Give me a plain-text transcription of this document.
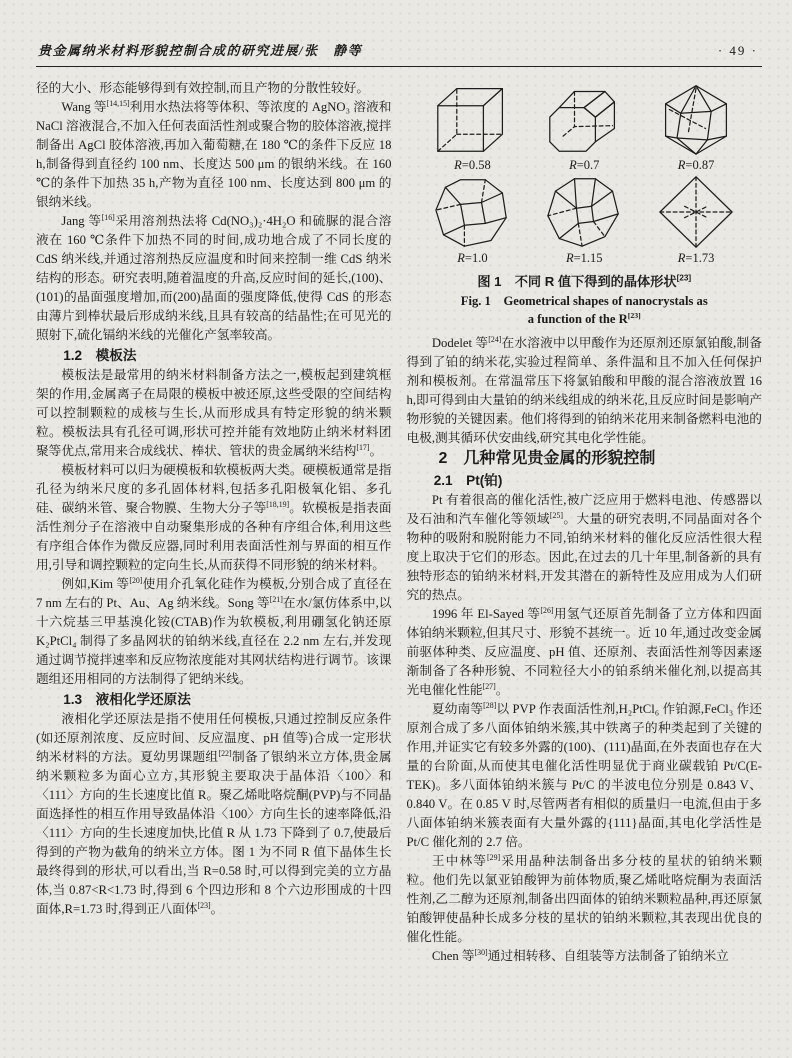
贵金属纳米材料形貌控制合成的研究进展/张　静等	· 49 ·

径的大小、形态能够得到有效控制,而且产物的分散性较好。

Wang 等[14,15]利用水热法将等体积、等浓度的 AgNO₃ 溶液和 NaCl 溶液混合,不加入任何表面活性剂或聚合物的胶体溶液,搅拌制备出 AgCl 胶体溶液,再加入葡萄糖,在 180 ℃的条件下反应 18 h,制备得到直径约 100 nm、长度达 500 μm 的银纳米线。在 160 ℃的条件下加热 35 h,产物为直径 100 nm、长度达到 800 μm 的银纳米线。

Jang 等[16]采用溶剂热法将 Cd(NO₃)₂·4H₂O 和硫脲的混合溶液在 160 ℃条件下加热不同的时间,成功地合成了不同长度的 CdS 纳米线,并通过溶剂热反应温度和时间来控制一维 CdS 纳米结构的形态。研究表明,随着温度的升高,反应时间的延长,(100)、(101)的晶面强度增加,而(200)晶面的强度降低,使得 CdS 的形态由薄片到棒状最后形成纳米线,且具有较高的结晶性;在可见光的照射下,硫化镉纳米线的光催化产氢率较高。

1.2　模板法

模板法是最常用的纳米材料制备方法之一,模板起到建筑框架的作用,金属离子在局限的模板中被还原,这些受限的空间结构可以控制颗粒的成核与生长,从而形成具有特定形貌的纳米颗粒。模板法具有孔径可调,形状可控并能有效地防止纳米材料团聚等优点,常用来合成线状、棒状、管状的贵金属纳米结构[17]。

模板材料可以归为硬模板和软模板两大类。硬模板通常是指孔径为纳米尺度的多孔固体材料,包括多孔阳极氧化铝、多孔硅、碳纳米管、聚合物膜、生物大分子等[18,19]。软模板是指表面活性剂分子在溶液中自动聚集形成的各种有序组合体,利用这些有序组合体作为微反应器,同时利用表面活性剂与界面的相互作用,引导和调控颗粒的定向生长,从而获得不同形貌的纳米材料。

例如,Kim 等[20]使用介孔氧化硅作为模板,分别合成了直径在 7 nm 左右的 Pt、Au、Ag 纳米线。Song 等[21]在水/氯仿体系中,以十六烷基三甲基溴化铵(CTAB)作为软模板,利用硼氢化钠还原 K₂PtCl₄ 制得了多晶网状的铂纳米线,直径在 2.2 nm 左右,并发现通过调节搅拌速率和反应物浓度能对其网状结构进行调节。该课题组还用相同的方法制得了钯纳米线。

1.3　液相化学还原法

液相化学还原法是指不使用任何模板,只通过控制反应条件(如还原剂浓度、反应时间、反应温度、pH 值等)合成一定形状纳米材料的方法。夏幼男课题组[22]制备了银纳米立方体,贵金属纳米颗粒多为面心立方,其形貌主要取决于晶体沿〈100〉和〈111〉方向的生长速度比值 R。聚乙烯吡咯烷酮(PVP)与不同晶面选择性的相互作用导致晶体沿〈100〉方向生长的速率降低,沿〈111〉方向的生长速度加快,比值 R 从 1.73 下降到了 0.7,使最后得到的产物为截角的纳米立方体。图 1 为不同 R 值下晶体生长最终得到的形状,可以看出,当 R=0.58 时,可以得到完美的立方晶体,当 0.87<R<1.73 时,得到 6 个四边形和 8 个六边形围成的十四面体,R=1.73 时,得到正八面体[23]。

R=0.58	R=0.7	R=0.87
R=1.0	R=1.15	R=1.73
图 1　不同 R 值下得到的晶体形状[23]
Fig. 1　Geometrical shapes of nanocrystals as
a function of the R[23]

Dodelet 等[24]在水溶液中以甲酸作为还原剂还原氯铂酸,制备得到了铂的纳米花,实验过程简单、条件温和且不加入任何保护剂和模板剂。在常温常压下将氯铂酸和甲酸的混合溶液放置 16 h,即可得到由大量铂的纳米线组成的纳米花,且反应时间是影响产物形貌的关键因素。他们将得到的铂纳米花用来制备燃料电池的电极,测其循环伏安曲线,研究其电化学性能。

2　几种常见贵金属的形貌控制

2.1　Pt(铂)

Pt 有着很高的催化活性,被广泛应用于燃料电池、传感器以及石油和汽车催化等领域[25]。大量的研究表明,不同晶面对各个物种的吸附和脱附能力不同,铂纳米材料的催化反应活性很大程度上取决于它们的形态。因此,在过去的几十年里,制备新的具有独特形态的铂纳米材料,开发其潜在的新特性及应用成为人们研究的热点。

1996 年 El-Sayed 等[26]用氢气还原首先制备了立方体和四面体铂纳米颗粒,但其尺寸、形貌不甚统一。近 10 年,通过改变金属前驱体种类、反应温度、pH 值、还原剂、表面活性剂等因素逐渐制备了各种形貌、不同粒径大小的铂系纳米催化剂,以提高其光电催化性能[27]。

夏幼南等[28]以 PVP 作表面活性剂,H₂PtCl₆ 作铂源,FeCl₃ 作还原剂合成了多八面体铂纳米簇,其中铁离子的种类起到了关键的作用,并证实它有较多外露的(100)、(111)晶面,在外表面也存在大量的台阶面,从而使其电催化活性明显优于商业碳载铂 Pt/C(E-TEK)。多八面体铂纳米簇与 Pt/C 的半波电位分别是 0.843 V、0.840 V。在 0.85 V 时,尽管两者有相似的质量归一电流,但由于多八面体铂纳米簇表面有大量外露的{111}晶面,其电化学活性是 Pt/C 催化剂的 2.7 倍。

王中林等[29]采用晶种法制备出多分枝的星状的铂纳米颗粒。他们先以氯亚铂酸钾为前体物质,聚乙烯吡咯烷酮为表面活性剂,乙二醇为还原剂,制备出四面体的铂纳米颗粒晶种,再还原氯铂酸钾使晶种长成多分枝的星状的铂纳米颗粒,其表现出优良的催化性能。

Chen 等[30]通过相转移、自组装等方法制备了铂纳米立
